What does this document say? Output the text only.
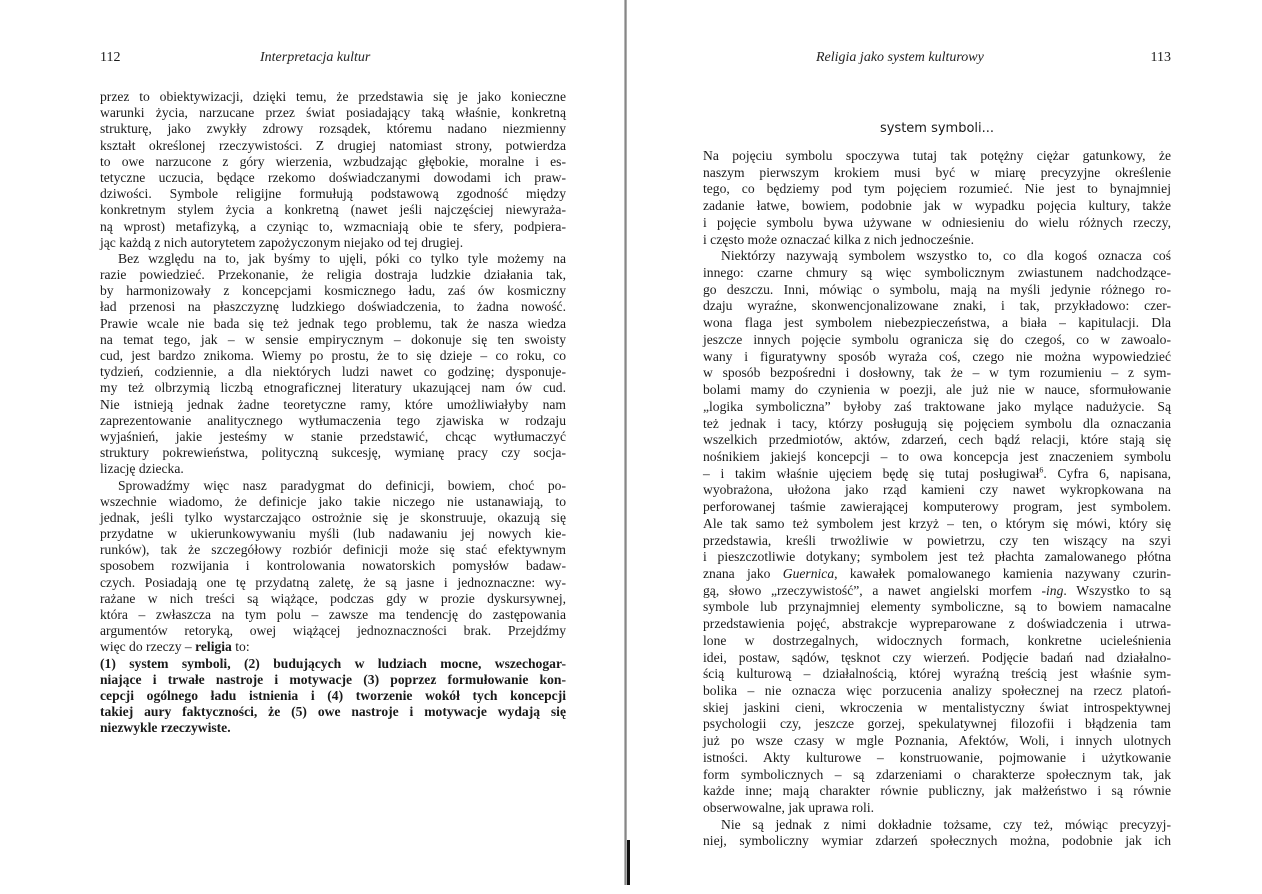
112	Interpretacja kultur
przez to obiektywizacji, dzięki temu, że przedstawia się je jako konieczne
warunki życia, narzucane przez świat posiadający taką właśnie, konkretną
strukturę, jako zwykły zdrowy rozsądek, któremu nadano niezmienny
kształt określonej rzeczywistości. Z drugiej natomiast strony, potwierdza
to owe narzucone z góry wierzenia, wzbudzając głębokie, moralne i es-
tetyczne uczucia, będące rzekomo doświadczanymi dowodami ich praw-
dziwości. Symbole religijne formułują podstawową zgodność między
konkretnym stylem życia a konkretną (nawet jeśli najczęściej niewyraża-
ną wprost) metafizyką, a czyniąc to, wzmacniają obie te sfery, podpiera-
jąc każdą z nich autorytetem zapożyczonym niejako od tej drugiej.
Bez względu na to, jak byśmy to ujęli, póki co tylko tyle możemy na
razie powiedzieć. Przekonanie, że religia dostraja ludzkie działania tak,
by harmonizowały z koncepcjami kosmicznego ładu, zaś ów kosmiczny
ład przenosi na płaszczyznę ludzkiego doświadczenia, to żadna nowość.
Prawie wcale nie bada się też jednak tego problemu, tak że nasza wiedza
na temat tego, jak – w sensie empirycznym – dokonuje się ten swoisty
cud, jest bardzo znikoma. Wiemy po prostu, że to się dzieje – co roku, co
tydzień, codziennie, a dla niektórych ludzi nawet co godzinę; dysponuje-
my też olbrzymią liczbą etnograficznej literatury ukazującej nam ów cud.
Nie istnieją jednak żadne teoretyczne ramy, które umożliwiałyby nam
zaprezentowanie analitycznego wytłumaczenia tego zjawiska w rodzaju
wyjaśnień, jakie jesteśmy w stanie przedstawić, chcąc wytłumaczyć
struktury pokrewieństwa, polityczną sukcesję, wymianę pracy czy socja-
lizację dziecka.
Sprowadźmy więc nasz paradygmat do definicji, bowiem, choć po-
wszechnie wiadomo, że definicje jako takie niczego nie ustanawiają, to
jednak, jeśli tylko wystarczająco ostrożnie się je skonstruuje, okazują się
przydatne w ukierunkowywaniu myśli (lub nadawaniu jej nowych kie-
runków), tak że szczegółowy rozbiór definicji może się stać efektywnym
sposobem rozwijania i kontrolowania nowatorskich pomysłów badaw-
czych. Posiadają one tę przydatną zaletę, że są jasne i jednoznaczne: wy-
rażane w nich treści są wiążące, podczas gdy w prozie dyskursywnej,
która – zwłaszcza na tym polu – zawsze ma tendencję do zastępowania
argumentów retoryką, owej wiążącej jednoznaczności brak. Przejdźmy
więc do rzeczy – religia to:
(1) system symboli, (2) budujących w ludziach mocne, wszechogar-
niające i trwałe nastroje i motywacje (3) poprzez formułowanie kon-
cepcji ogólnego ładu istnienia i (4) tworzenie wokół tych koncepcji
takiej aury faktyczności, że (5) owe nastroje i motywacje wydają się
niezwykle rzeczywiste.
Religia jako system kulturowy	113
system symboli...
Na pojęciu symbolu spoczywa tutaj tak potężny ciężar gatunkowy, że
naszym pierwszym krokiem musi być w miarę precyzyjne określenie
tego, co będziemy pod tym pojęciem rozumieć. Nie jest to bynajmniej
zadanie łatwe, bowiem, podobnie jak w wypadku pojęcia kultury, także
i pojęcie symbolu bywa używane w odniesieniu do wielu różnych rzeczy,
i często może oznaczać kilka z nich jednocześnie.
Niektórzy nazywają symbolem wszystko to, co dla kogoś oznacza coś
innego: czarne chmury są więc symbolicznym zwiastunem nadchodzące-
go deszczu. Inni, mówiąc o symbolu, mają na myśli jedynie różnego ro-
dzaju wyraźne, skonwencjonalizowane znaki, i tak, przykładowo: czer-
wona flaga jest symbolem niebezpieczeństwa, a biała – kapitulacji. Dla
jeszcze innych pojęcie symbolu ogranicza się do czegoś, co w zawoalo-
wany i figuratywny sposób wyraża coś, czego nie można wypowiedzieć
w sposób bezpośredni i dosłowny, tak że – w tym rozumieniu – z sym-
bolami mamy do czynienia w poezji, ale już nie w nauce, sformułowanie
„logika symboliczna” byłoby zaś traktowane jako mylące nadużycie. Są
też jednak i tacy, którzy posługują się pojęciem symbolu dla oznaczania
wszelkich przedmiotów, aktów, zdarzeń, cech bądź relacji, które stają się
nośnikiem jakiejś koncepcji – to owa koncepcja jest znaczeniem symbolu
– i takim właśnie ujęciem będę się tutaj posługiwał$^6$. Cyfra 6, napisana,
wyobrażona, ułożona jako rząd kamieni czy nawet wykropkowana na
perforowanej taśmie zawierającej komputerowy program, jest symbolem.
Ale tak samo też symbolem jest krzyż – ten, o którym się mówi, który się
przedstawia, kreśli trwożliwie w powietrzu, czy ten wiszący na szyi
i pieszczotliwie dotykany; symbolem jest też płachta zamalowanego płótna
znana jako Guernica, kawałek pomalowanego kamienia nazywany czurin-
gą, słowo „rzeczywistość”, a nawet angielski morfem -ing. Wszystko to są
symbole lub przynajmniej elementy symboliczne, są to bowiem namacalne
przedstawienia pojęć, abstrakcje wypreparowane z doświadczenia i utrwa-
lone w dostrzegalnych, widocznych formach, konkretne ucieleśnienia
idei, postaw, sądów, tęsknot czy wierzeń. Podjęcie badań nad działalno-
ścią kulturową – działalnością, której wyraźną treścią jest właśnie sym-
bolika – nie oznacza więc porzucenia analizy społecznej na rzecz platoń-
skiej jaskini cieni, wkroczenia w mentalistyczny świat introspektywnej
psychologii czy, jeszcze gorzej, spekulatywnej filozofii i błądzenia tam
już po wsze czasy w mgle Poznania, Afektów, Woli, i innych ulotnych
istności. Akty kulturowe – konstruowanie, pojmowanie i użytkowanie
form symbolicznych – są zdarzeniami o charakterze społecznym tak, jak
każde inne; mają charakter równie publiczny, jak małżeństwo i są równie
obserwowalne, jak uprawa roli.
Nie są jednak z nimi dokładnie tożsame, czy też, mówiąc precyzyj-
niej, symboliczny wymiar zdarzeń społecznych można, podobnie jak ich
